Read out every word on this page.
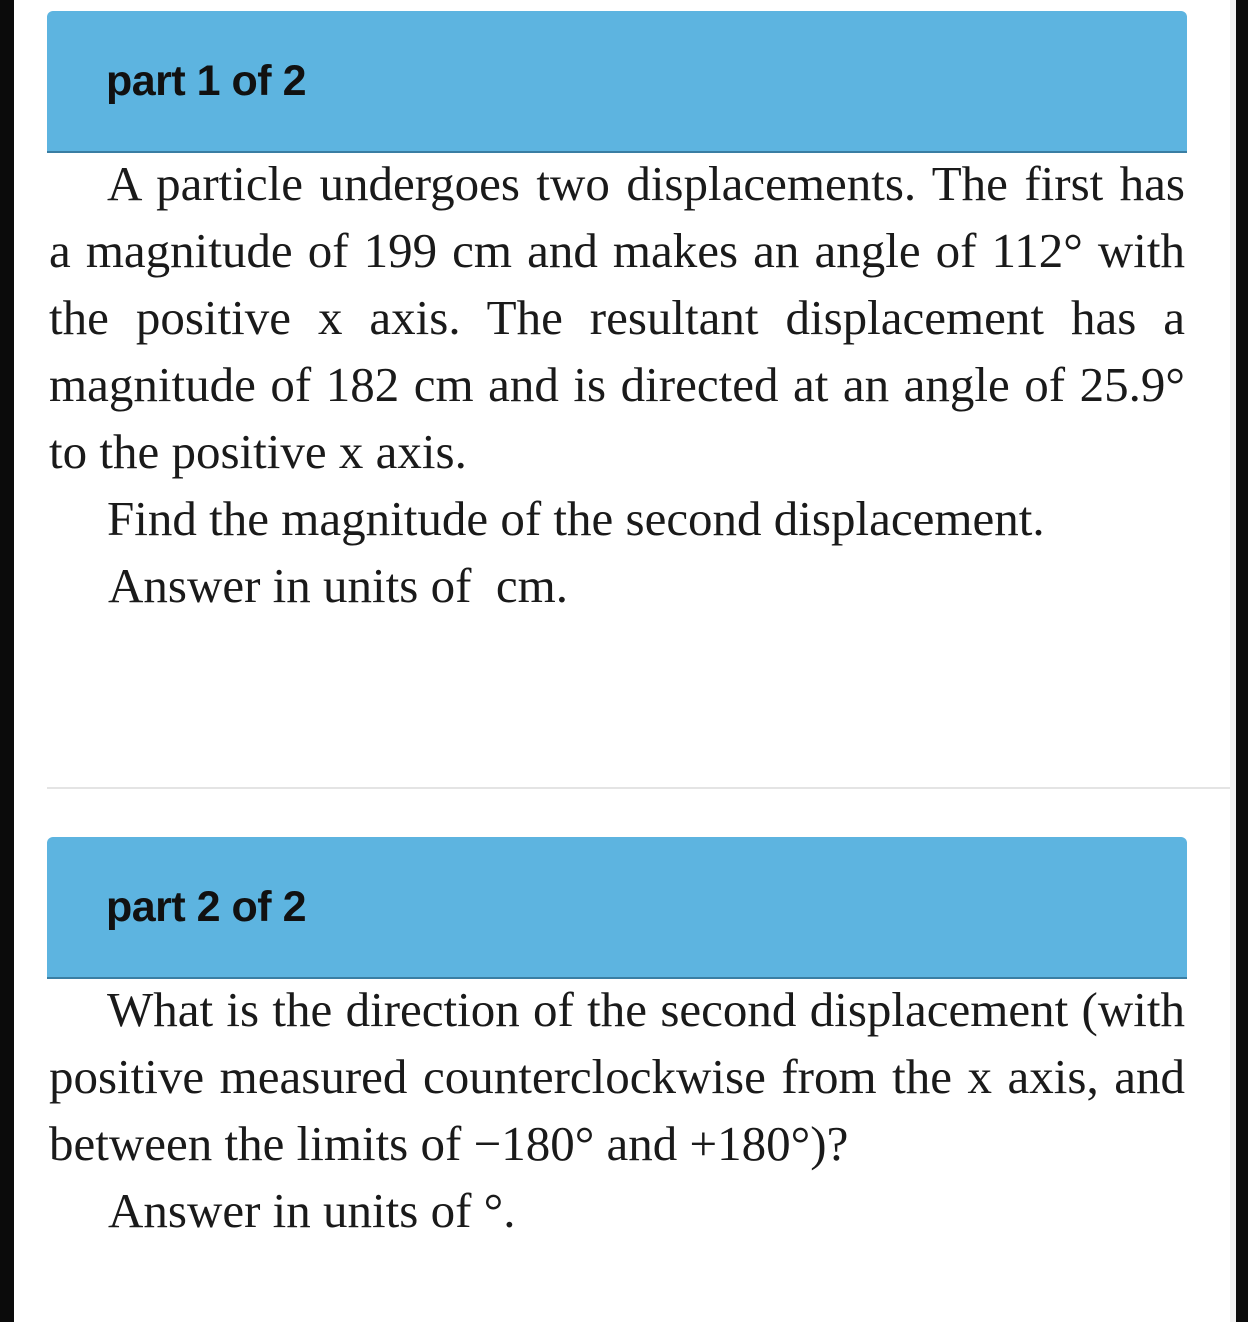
part 1 of 2

A particle undergoes two displacements. The first has a magnitude of 199 cm and makes an angle of 112° with the positive x axis. The resultant displacement has a magnitude of 182 cm and is directed at an angle of 25.9° to the positive x axis.

Find the magnitude of the second displacement.

Answer in units of  cm.

part 2 of 2

What is the direction of the second displacement (with positive measured counterclockwise from the x axis, and between the limits of −180° and +180°)?

Answer in units of °.
